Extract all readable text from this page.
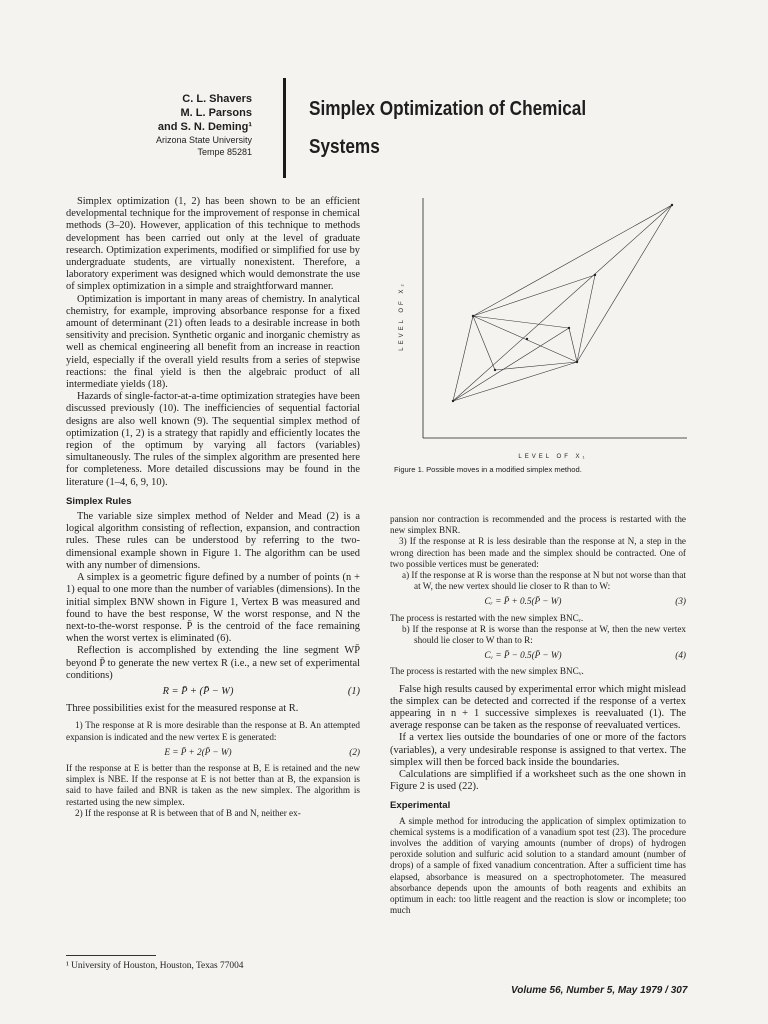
C. L. Shavers
M. L. Parsons
and S. N. Deming¹
Arizona State University
Tempe 85281
Simplex Optimization of Chemical
Systems

Simplex optimization (1, 2) has been shown to be an efficient developmental technique for the improvement of response in chemical methods (3–20). However, application of this technique to methods development has been carried out only at the level of graduate research. Optimization experiments, modified or simplified for use by undergraduate students, are virtually nonexistent. Therefore, a laboratory experiment was designed which would demonstrate the use of simplex optimization in a simple and straightforward manner.

Optimization is important in many areas of chemistry. In analytical chemistry, for example, improving absorbance response for a fixed amount of determinant (21) often leads to a desirable increase in both sensitivity and precision. Synthetic organic and inorganic chemistry as well as chemical engineering all benefit from an increase in reaction yield, especially if the overall yield results from a series of stepwise reactions: the final yield is then the algebraic product of all intermediate yields (18).

Hazards of single-factor-at-a-time optimization strategies have been discussed previously (10). The inefficiencies of sequential factorial designs are also well known (9). The sequential simplex method of optimization (1, 2) is a strategy that rapidly and efficiently locates the region of the optimum by varying all factors (variables) simultaneously. The rules of the simplex algorithm are presented here for completeness. More detailed discussions may be found in the literature (1–4, 6, 9, 10).

Simplex Rules

The variable size simplex method of Nelder and Mead (2) is a logical algorithm consisting of reflection, expansion, and contraction rules. These rules can be understood by referring to the two-dimensional example shown in Figure 1. The algorithm can be used with any number of dimensions.

A simplex is a geometric figure defined by a number of points (n + 1) equal to one more than the number of variables (dimensions). In the initial simplex BNW shown in Figure 1, Vertex B was measured and found to have the best response, W the worst response, and N the next-to-the-worst response. P̄ is the centroid of the face remaining when the worst vertex is eliminated (6).

Reflection is accomplished by extending the line segment WP̄ beyond P̄ to generate the new vertex R (i.e., a new set of experimental conditions)

R = P̄ + (P̄ − W)	(1)

Three possibilities exist for the measured response at R.

1) The response at R is more desirable than the response at B. An attempted expansion is indicated and the new vertex E is generated:

E = P̄ + 2(P̄ − W)	(2)

If the response at E is better than the response at B, E is retained and the new simplex is NBE. If the response at E is not better than at B, the expansion is said to have failed and BNR is taken as the new simplex. The algorithm is restarted using the new simplex.

2) If the response at R is between that of B and N, neither ex-

LEVEL OF X₂
LEVEL OF X₁
Figure 1. Possible moves in a modified simplex method.

pansion nor contraction is recommended and the process is restarted with the new simplex BNR.

3) If the response at R is less desirable than the response at N, a step in the wrong direction has been made and the simplex should be contracted. One of two possible vertices must be generated:

a) If the response at R is worse than the response at N but not worse than that at W, the new vertex should lie closer to R than to W:

Cᵣ = P̄ + 0.5(P̄ − W)	(3)

The process is restarted with the new simplex BNCᵣ.

b) If the response at R is worse than the response at W, then the new vertex should lie closer to W than to R:

Cᵥ = P̄ − 0.5(P̄ − W)	(4)

The process is restarted with the new simplex BNCᵥ.

False high results caused by experimental error which might mislead the simplex can be detected and corrected if the response of a vertex appearing in n + 1 successive simplexes is reevaluated (1). The average response can be taken as the response of reevaluated vertices.

If a vertex lies outside the boundaries of one or more of the factors (variables), a very undesirable response is assigned to that vertex. The simplex will then be forced back inside the boundaries.

Calculations are simplified if a worksheet such as the one shown in Figure 2 is used (22).

Experimental

A simple method for introducing the application of simplex optimization to chemical systems is a modification of a vanadium spot test (23). The procedure involves the addition of varying amounts (number of drops) of hydrogen peroxide solution and sulfuric acid solution to a standard amount (number of drops) of a sample of fixed vanadium concentration. After a sufficient time has elapsed, absorbance is measured on a spectrophotometer. The measured absorbance depends upon the amounts of both reagents and exhibits an optimum in each: too little reagent and the reaction is slow or incomplete; too much

¹ University of Houston, Houston, Texas 77004
Volume 56, Number 5, May 1979 / 307
